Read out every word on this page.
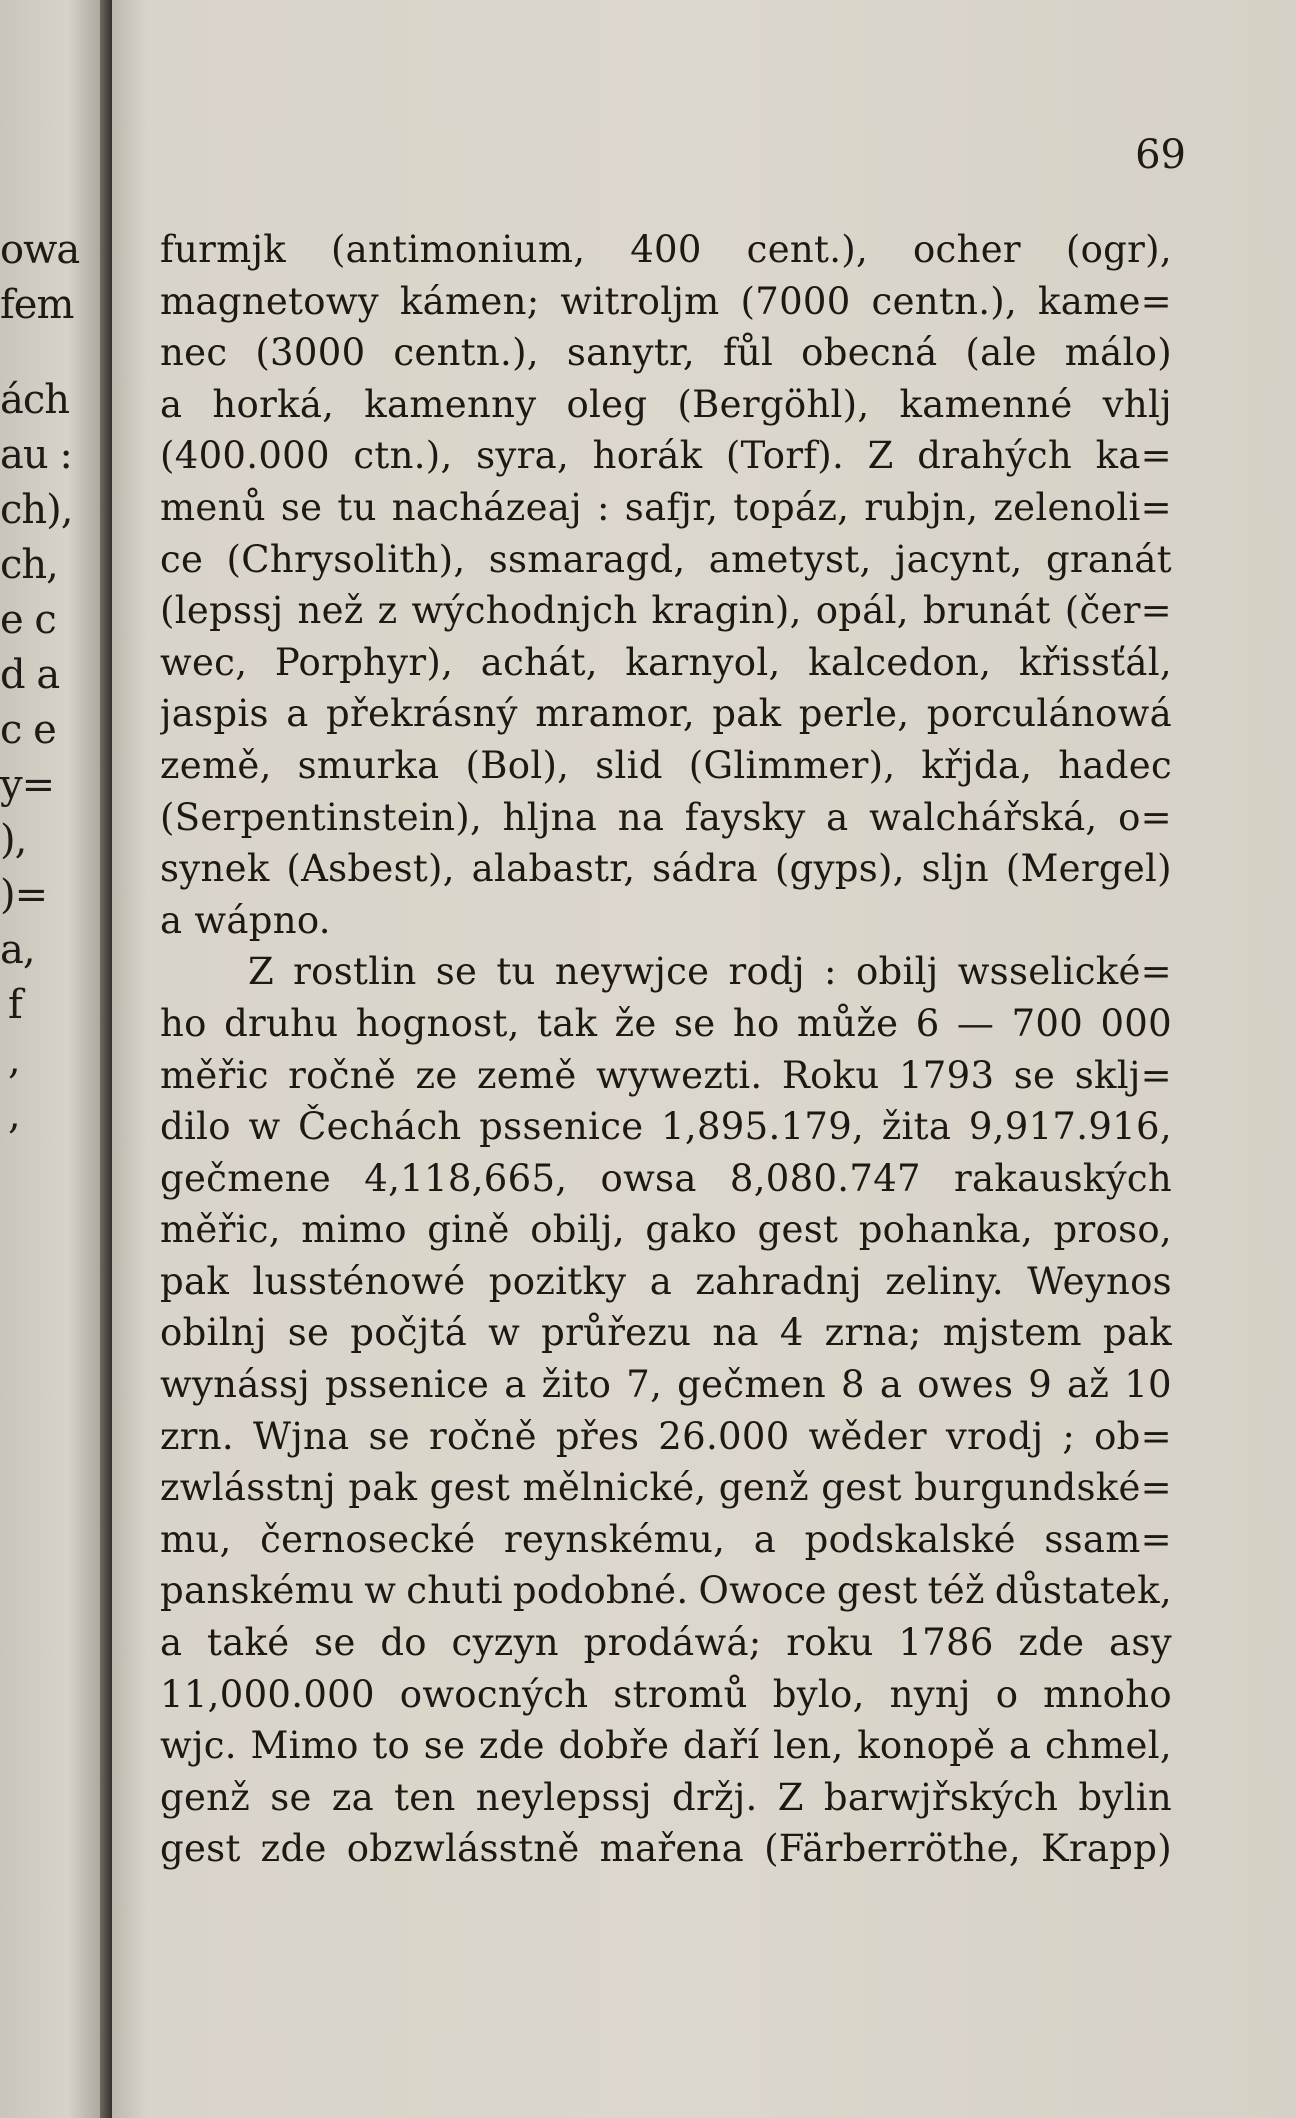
owa
fem
ách
au :
ch),
ch,
e c
d a
c e
y=
),
)=
a,
f
,
,
69
furmjk (antimonium, 400 cent.), ocher (ogr),
magnetowy kámen; witroljm (7000 centn.), kame=
nec (3000 centn.), sanytr, fůl obecná (ale málo)
a horká, kamenny oleg (Bergöhl), kamenné vhlj
(400.000 ctn.), syra, horák (Torf). Z drahých ka=
menů se tu nacházeaj : safjr, topáz, rubjn, zelenoli=
ce (Chrysolith), ssmaragd, ametyst, jacynt, granát
(lepssj než z wýchodnjch kragin), opál, brunát (čer=
wec, Porphyr), achát, karnyol, kalcedon, křissťál,
jaspis a překrásný mramor, pak perle, porculánowá
země, smurka (Bol), slid (Glimmer), křjda, hadec
(Serpentinstein), hljna na faysky a walchářská, o=
synek (Asbest), alabastr, sádra (gyps), sljn (Mergel)
a wápno.
Z rostlin se tu neywjce rodj : obilj wsselické=
ho druhu hognost, tak že se ho může 6 — 700 000
měřic ročně ze země wywezti. Roku 1793 se sklj=
dilo w Čechách pssenice 1,895.179, žita 9,917.916,
gečmene 4,118,665, owsa 8,080.747 rakauských
měřic, mimo gině obilj, gako gest pohanka, proso,
pak lussténowé pozitky a zahradnj zeliny. Weynos
obilnj se počjtá w průřezu na 4 zrna; mjstem pak
wynássj pssenice a žito 7, gečmen 8 a owes 9 až 10
zrn. Wjna se ročně přes 26.000 wěder vrodj ; ob=
zwlásstnj pak gest mělnické, genž gest burgundské=
mu, černosecké reynskému, a podskalské ssam=
panskému w chuti podobné. Owoce gest též důstatek,
a také se do cyzyn prodáwá; roku 1786 zde asy
11,000.000 owocných stromů bylo, nynj o mnoho
wjc. Mimo to se zde dobře daří len, konopě a chmel,
genž se za ten neylepssj držj. Z barwjřských bylin
gest zde obzwlásstně mařena (Färberröthe, Krapp)
